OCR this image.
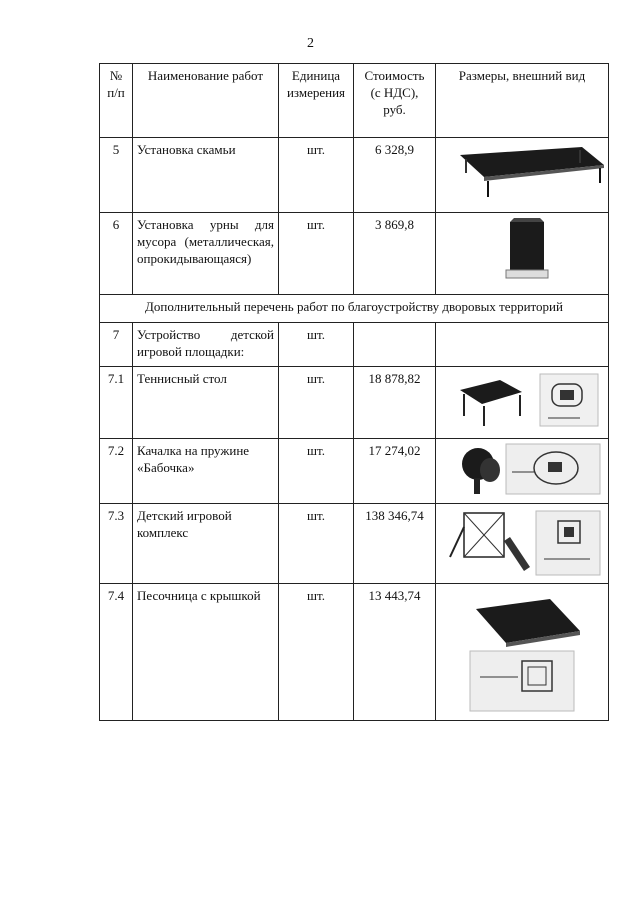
2
№ п/п	Наименование работ	Единица измерения	Стоимость (с НДС), руб.	Размеры, внешний вид
5	Установка скамьи	шт.	6 328,9	

6	Установка урны для мусора (металлическая, опрокидывающаяся)	шт.	3 869,8	

Дополнительный перечень работ по благоустройству дворовых территорий				
7	Устройство детской игровой площадки:	шт.		
7.1	Теннисный стол	шт.	18 878,82	

7.2	Качалка на пружине «Бабочка»	шт.	17 274,02	

7.3	Детский игровой комплекс	шт.	138 346,74	

7.4	Песочница с крышкой	шт.	13 443,74	
